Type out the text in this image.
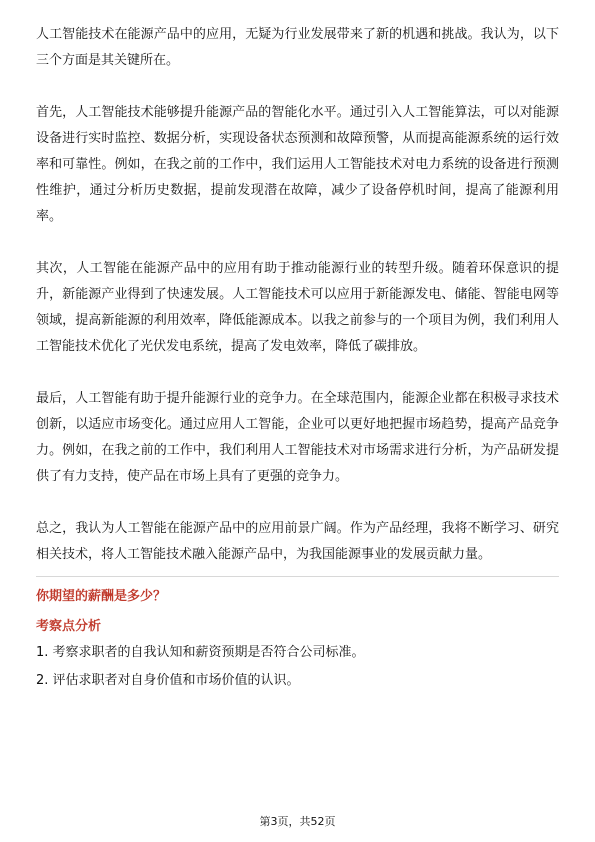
人工智能技术在能源产品中的应用，无疑为行业发展带来了新的机遇和挑战。我认为，以下三个方面是其关键所在。

首先，人工智能技术能够提升能源产品的智能化水平。通过引入人工智能算法，可以对能源设备进行实时监控、数据分析，实现设备状态预测和故障预警，从而提高能源系统的运行效率和可靠性。例如，在我之前的工作中，我们运用人工智能技术对电力系统的设备进行预测性维护，通过分析历史数据，提前发现潜在故障，减少了设备停机时间，提高了能源利用率。

其次，人工智能在能源产品中的应用有助于推动能源行业的转型升级。随着环保意识的提升，新能源产业得到了快速发展。人工智能技术可以应用于新能源发电、储能、智能电网等领域，提高新能源的利用效率，降低能源成本。以我之前参与的一个项目为例，我们利用人工智能技术优化了光伏发电系统，提高了发电效率，降低了碳排放。

最后，人工智能有助于提升能源行业的竞争力。在全球范围内，能源企业都在积极寻求技术创新，以适应市场变化。通过应用人工智能，企业可以更好地把握市场趋势，提高产品竞争力。例如，在我之前的工作中，我们利用人工智能技术对市场需求进行分析，为产品研发提供了有力支持，使产品在市场上具有了更强的竞争力。

总之，我认为人工智能在能源产品中的应用前景广阔。作为产品经理，我将不断学习、研究相关技术，将人工智能技术融入能源产品中，为我国能源事业的发展贡献力量。

你期望的薪酬是多少？
考察点分析
1. 考察求职者的自我认知和薪资预期是否符合公司标准。
2. 评估求职者对自身价值和市场价值的认识。
第3页，共52页
